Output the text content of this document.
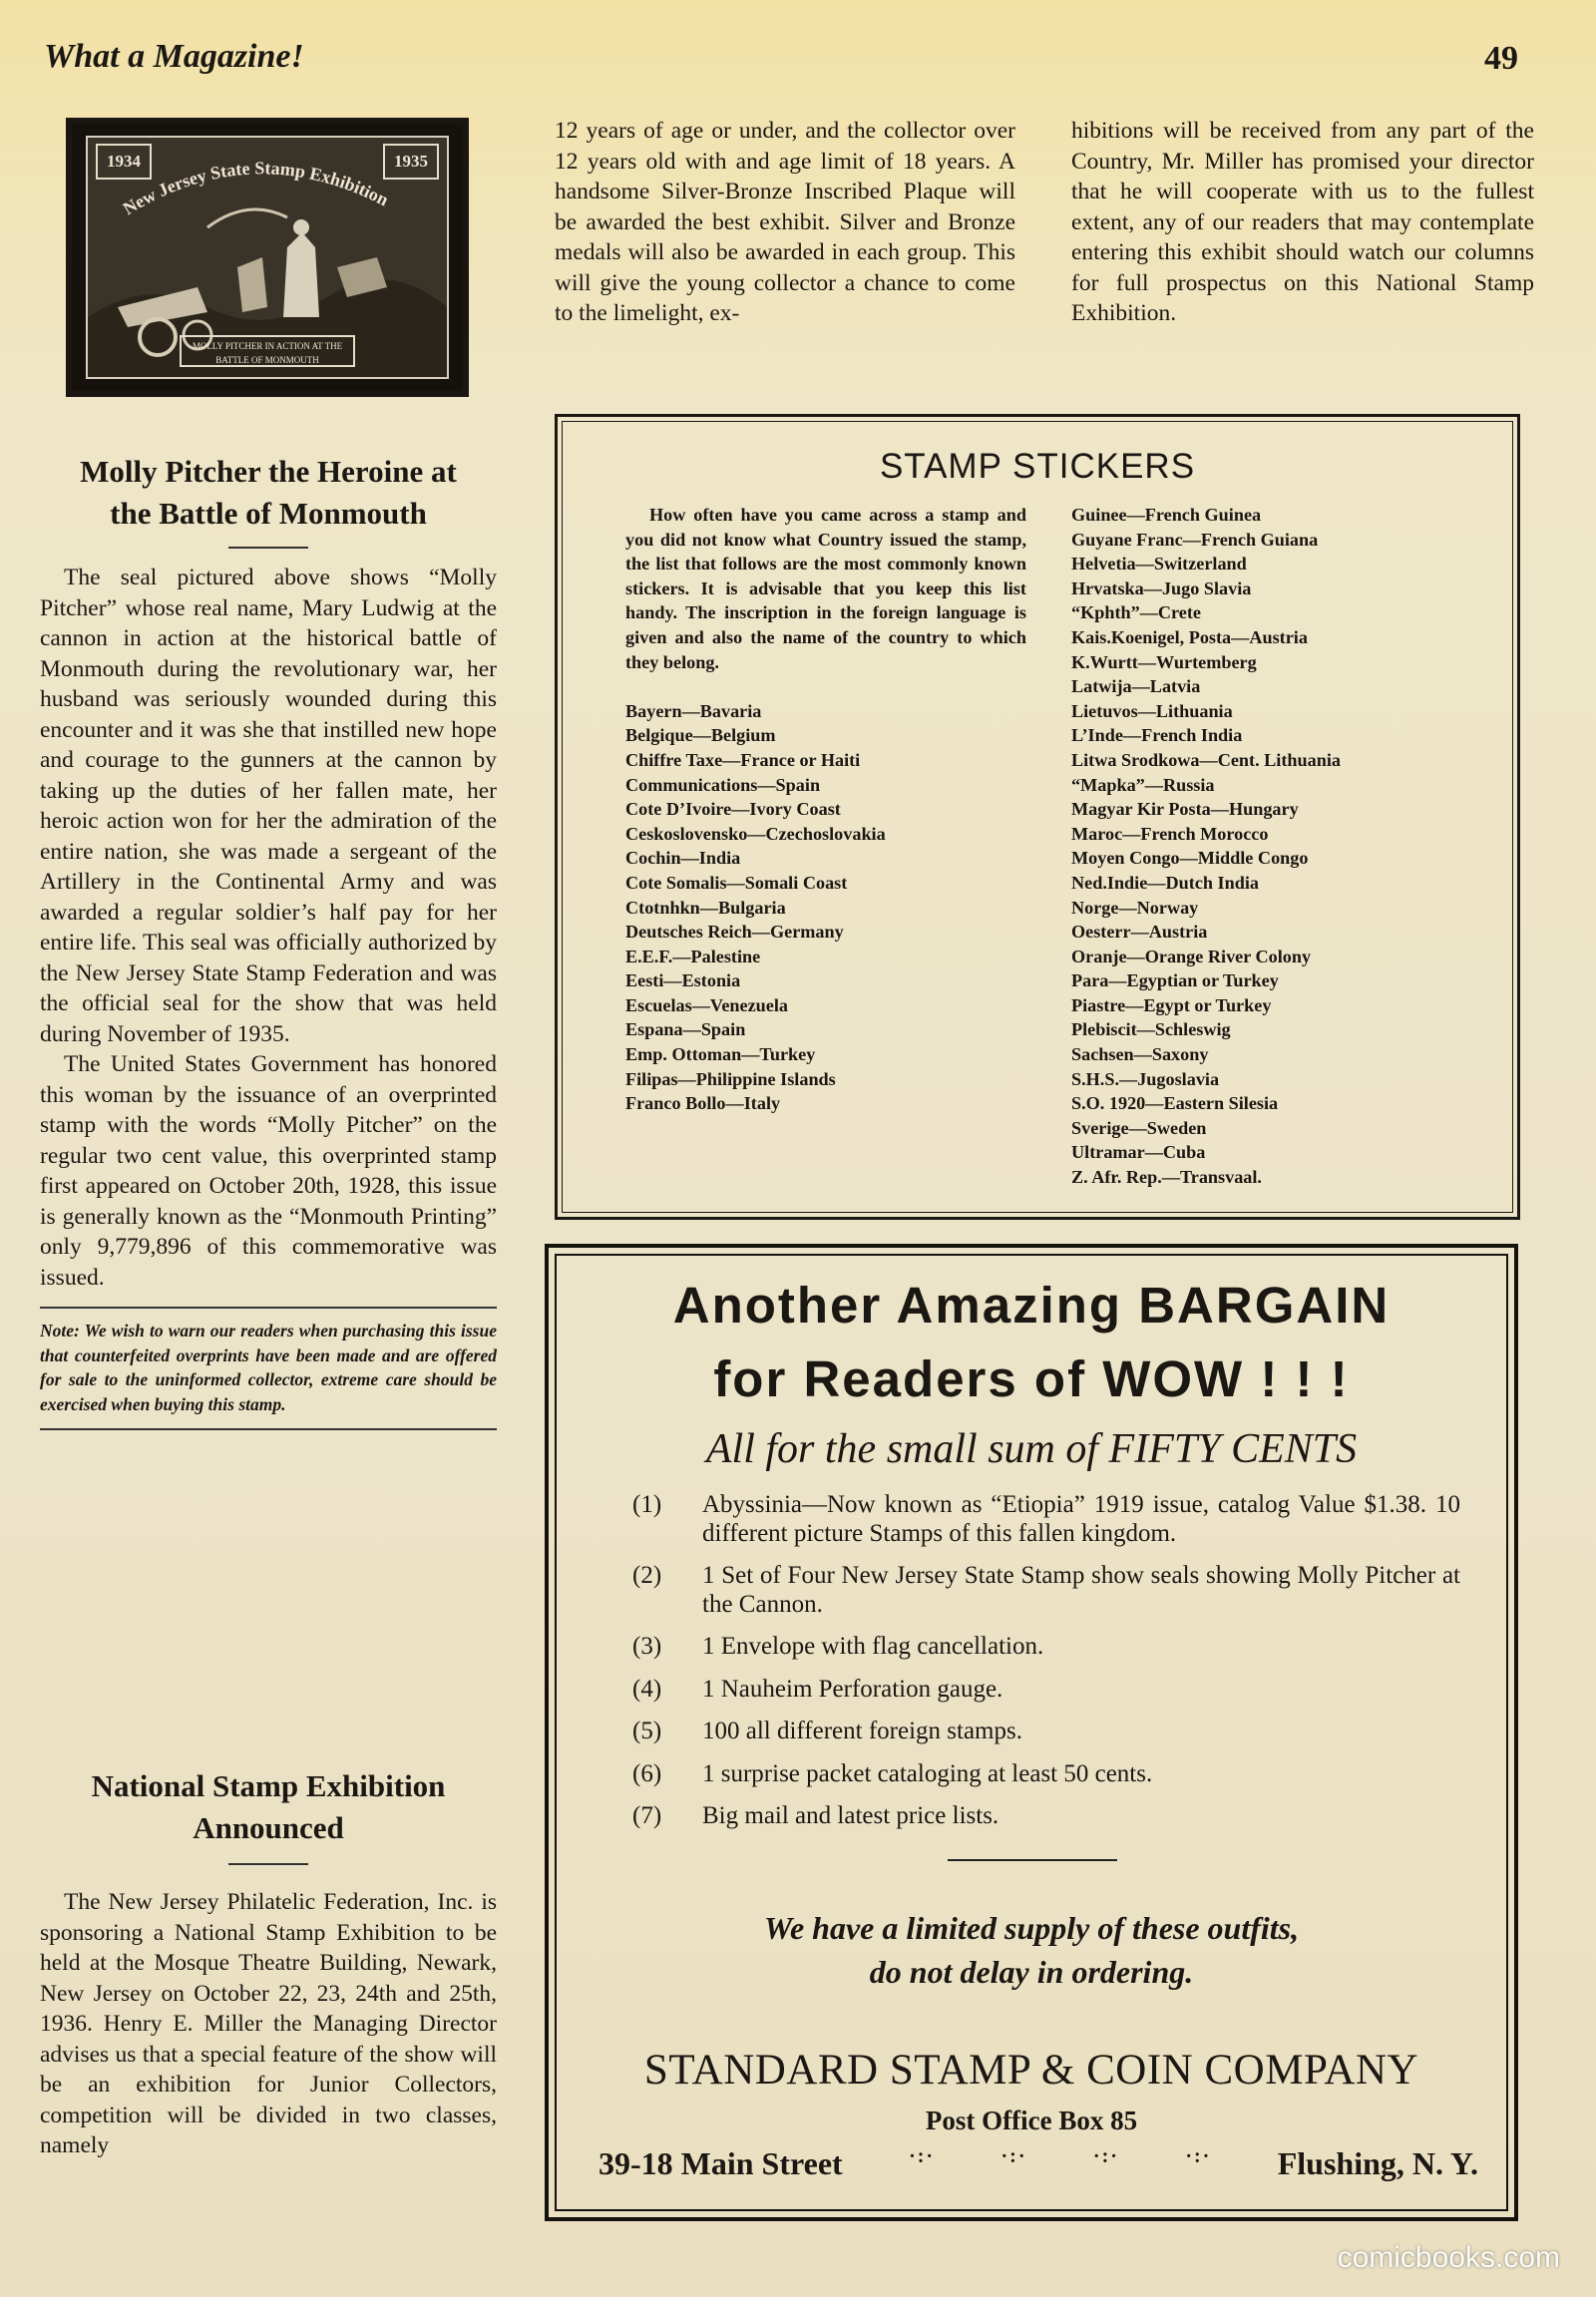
What a Magazine!	49
1934	1935
New Jersey State Stamp Exhibition
MOLLY PITCHER IN ACTION AT THE BATTLE OF MONMOUTH
Molly Pitcher the Heroine at
the Battle of Monmouth

The seal pictured above shows “Molly Pitcher” whose real name, Mary Ludwig at the cannon in action at the historical battle of Monmouth during the revolutionary war, her husband was seriously wounded during this encounter and it was she that instilled new hope and courage to the gunners at the cannon by taking up the duties of her fallen mate, her heroic action won for her the admiration of the entire nation, she was made a sergeant of the Artillery in the Continental Army and was awarded a regular soldier’s half pay for her entire life. This seal was officially authorized by the New Jersey State Stamp Federation and was the official seal for the show that was held during November of 1935.

The United States Government has honored this woman by the issuance of an overprinted stamp with the words “Molly Pitcher” on the regular two cent value, this overprinted stamp first appeared on October 20th, 1928, this issue is generally known as the “Monmouth Printing” only 9,779,896 of this commemorative was issued.

Note: We wish to warn our readers when purchasing this issue that counterfeited overprints have been made and are offered for sale to the uninformed collector, extreme care should be exercised when buying this stamp.

National Stamp Exhibition
Announced

The New Jersey Philatelic Federation, Inc. is sponsoring a National Stamp Exhibition to be held at the Mosque Theatre Building, Newark, New Jersey on October 22, 23, 24th and 25th, 1936. Henry E. Miller the Managing Director advises us that a special feature of the show will be an exhibition for Junior Collectors, competition will be divided in two classes, namely

12 years of age or under, and the collector over 12 years old with and age limit of 18 years. A handsome Silver-Bronze Inscribed Plaque will be awarded the best exhibit. Silver and Bronze medals will also be awarded in each group. This will give the young collector a chance to come to the limelight, ex-
hibitions will be received from any part of the Country, Mr. Miller has promised your director that he will cooperate with us to the fullest extent, any of our readers that may contemplate entering this exhibit should watch our columns for full prospectus on this National Stamp Exhibition.
STAMP STICKERS

How often have you came across a stamp and you did not know what Country issued the stamp, the list that follows are the most commonly known stickers. It is advisable that you keep this list handy. The inscription in the foreign language is given and also the name of the country to which they belong.

Bayern—Bavaria
Belgique—Belgium
Chiffre Taxe—France or Haiti
Communications—Spain
Cote D’Ivoire—Ivory Coast
Ceskoslovensko—Czechoslovakia
Cochin—India
Cote Somalis—Somali Coast
Ctotnhkn—Bulgaria
Deutsches Reich—Germany
E.E.F.—Palestine
Eesti—Estonia
Escuelas—Venezuela
Espana—Spain
Emp. Ottoman—Turkey
Filipas—Philippine Islands
Franco Bollo—Italy
Guinee—French Guinea
Guyane Franc—French Guiana
Helvetia—Switzerland
Hrvatska—Jugo Slavia
“Kphth”—Crete
Kais.Koenigel, Posta—Austria
K.Wurtt—Wurtemberg
Latwija—Latvia
Lietuvos—Lithuania
L’Inde—French India
Litwa Srodkowa—Cent. Lithuania
“Mapka”—Russia
Magyar Kir Posta—Hungary
Maroc—French Morocco
Moyen Congo—Middle Congo
Ned.Indie—Dutch India
Norge—Norway
Oesterr—Austria
Oranje—Orange River Colony
Para—Egyptian or Turkey
Piastre—Egypt or Turkey
Plebiscit—Schleswig
Sachsen—Saxony
S.H.S.—Jugoslavia
S.O. 1920—Eastern Silesia
Sverige—Sweden
Ultramar—Cuba
Z. Afr. Rep.—Transvaal.
Another Amazing BARGAIN
for Readers of WOW ! ! !
All for the small sum of FIFTY CENTS
(1)	Abyssinia—Now known as “Etiopia” 1919 issue, catalog Value $1.38. 10 different picture Stamps of this fallen kingdom.
(2)	1 Set of Four New Jersey State Stamp show seals showing Molly Pitcher at the Cannon.
(3)	1 Envelope with flag cancellation.
(4)	1 Nauheim Perforation gauge.
(5)	100 all different foreign stamps.
(6)	1 surprise packet cataloging at least 50 cents.
(7)	Big mail and latest price lists.
We have a limited supply of these outfits,
do not delay in ordering.
STANDARD STAMP & COIN COMPANY
Post Office Box 85
39-18 Main Street	·:·	·:·	·:·	·:· Flushing, N. Y.
comicbooks.com
